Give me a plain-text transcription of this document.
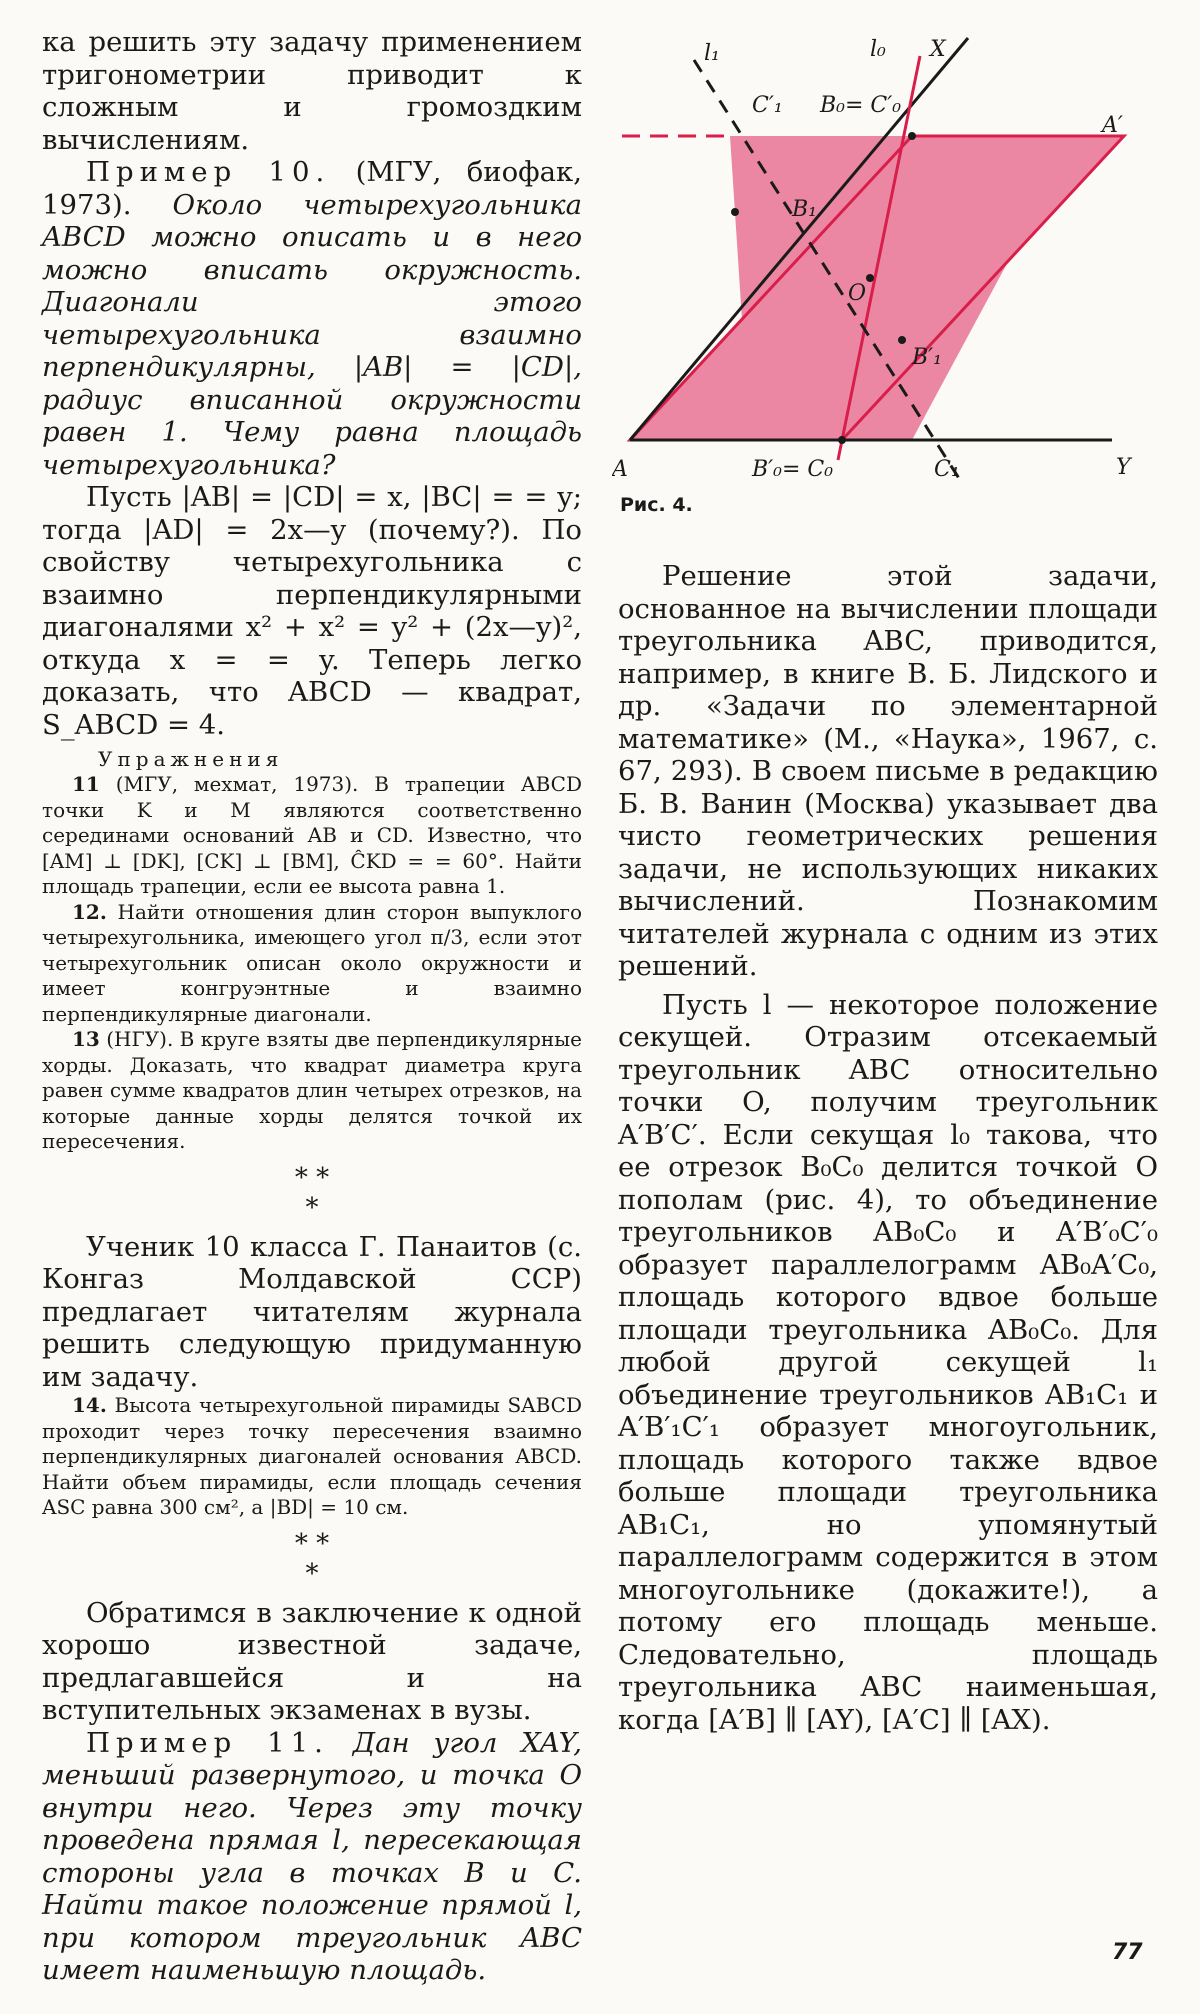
ка решить эту задачу применением тригонометрии приводит к сложным и громоздким вычислениям.

Пример 10. (МГУ, биофак, 1973). Около четырехугольника ABCD можно описать и в него можно вписать окружность. Диагонали этого четырехугольника взаимно перпендикулярны, |AB| = |CD|, радиус вписанной окружности равен 1. Чему равна площадь четырехугольника?

Пусть |AB| = |CD| = x, |BC| = = y; тогда |AD| = 2x—y (почему?). По свойству четырехугольника с взаимно перпендикулярными диагоналями x² + x² = y² + (2x—y)², откуда x = = y. Теперь легко доказать, что ABCD — квадрат, S_ABCD = 4.

Упражнения

11 (МГУ, мехмат, 1973). В трапеции ABCD точки K и M являются соответственно серединами оснований AB и CD. Известно, что [AM] ⊥ [DK], [CK] ⊥ [BM], ĈKD = = 60°. Найти площадь трапеции, если ее высота равна 1.

12. Найти отношения длин сторон выпуклого четырехугольника, имеющего угол π/3, если этот четырехугольник описан около окружности и имеет конгруэнтные и взаимно перпендикулярные диагонали.

13 (НГУ). В круге взяты две перпендикулярные хорды. Доказать, что квадрат диаметра круга равен сумме квадратов длин четырех отрезков, на которые данные хорды делятся точкой их пересечения.

* *
*

Ученик 10 класса Г. Панаитов (с. Конгаз Молдавской ССР) предлагает читателям журнала решить следующую придуманную им задачу.

14. Высота четырехугольной пирамиды SABCD проходит через точку пересечения взаимно перпендикулярных диагоналей основания ABCD. Найти объем пирамиды, если площадь сечения ASC равна 300 см², а |BD| = 10 см.

* *
*

Обратимся в заключение к одной хорошо известной задаче, предлагавшейся и на вступительных экзаменах в вузы.

Пример 11. Дан угол XAY, меньший развернутого, и точка O внутри него. Через эту точку проведена прямая l, пересекающая стороны угла в точках B и C. Найти такое положение прямой l, при котором треугольник ABC имеет наименьшую площадь.

l₁	l₀ X
C′₁ B₀= C′₀
A′
B₁
O
B′₁
A	B′₀= C₀	C₁	Y
Рис. 4.

Решение этой задачи, основанное на вычислении площади треугольника ABC, приводится, например, в книге В. Б. Лидского и др. «Задачи по элементарной математике» (М., «Наука», 1967, с. 67, 293). В своем письме в редакцию Б. В. Ванин (Москва) указывает два чисто геометрических решения задачи, не использующих никаких вычислений. Познакомим читателей журнала с одним из этих решений.

Пусть l — некоторое положение секущей. Отразим отсекаемый треугольник ABC относительно точки O, получим треугольник A′B′C′. Если секущая l₀ такова, что ее отрезок B₀C₀ делится точкой O пополам (рис. 4), то объединение треугольников AB₀C₀ и A′B′₀C′₀ образует параллелограмм AB₀A′C₀, площадь которого вдвое больше площади треугольника AB₀C₀. Для любой другой секущей l₁ объединение треугольников AB₁C₁ и A′B′₁C′₁ образует многоугольник, площадь которого также вдвое больше площади треугольника AB₁C₁, но упомянутый параллелограмм содержится в этом многоугольнике (докажите!), а потому его площадь меньше. Следовательно, площадь треугольника ABC наименьшая, когда [A′B] ∥ [AY), [A′C] ∥ [AX).

77
